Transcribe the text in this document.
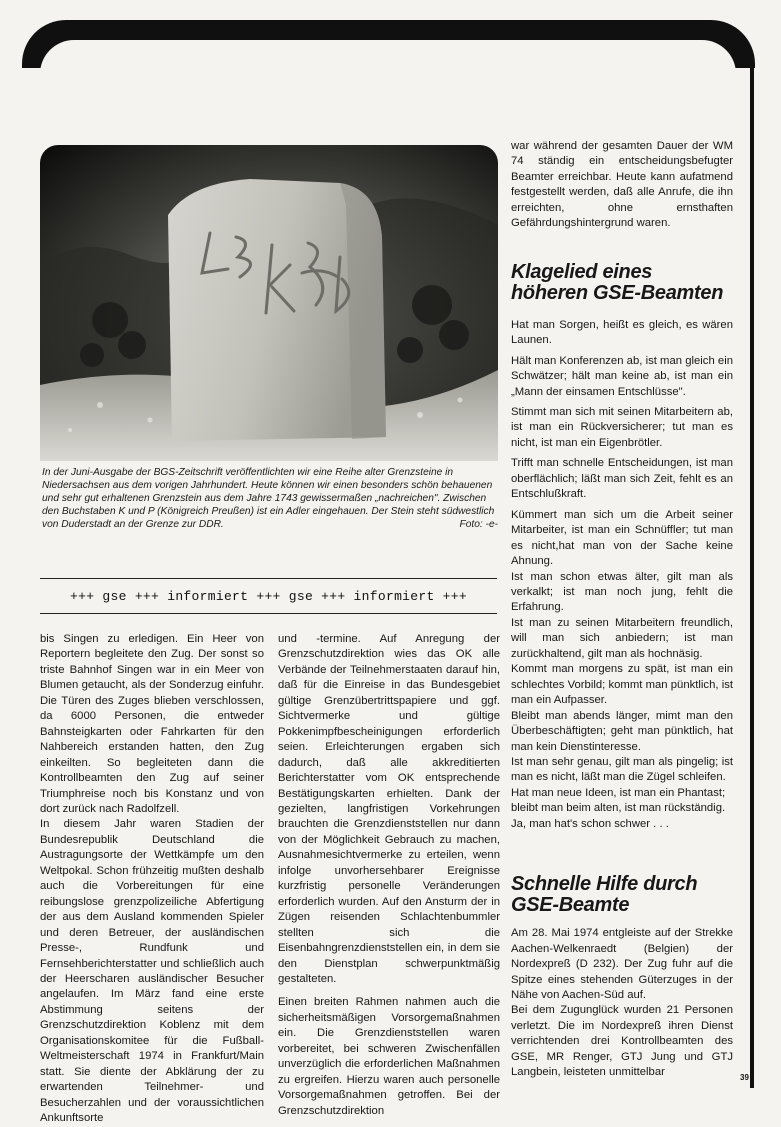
In der Juni-Ausgabe der BGS-Zeitschrift veröffentlichten wir eine Reihe alter Grenzsteine in Niedersachsen aus dem vorigen Jahrhundert. Heute können wir einen besonders schön behauenen und sehr gut erhaltenen Grenzstein aus dem Jahre 1743 gewissermaßen „nachreichen". Zwischen den Buchstaben K und P (Königreich Preußen) ist ein Adler eingehauen. Der Stein steht südwestlich von Duderstadt an der Grenze zur DDR.	Foto: -e-
+++ gse +++ informiert +++ gse +++ informiert +++

bis Singen zu erledigen. Ein Heer von Reportern begleitete den Zug. Der sonst so triste Bahnhof Singen war in ein Meer von Blumen getaucht, als der Sonderzug einfuhr. Die Türen des Zuges blieben verschlossen, da 6000 Personen, die entweder Bahnsteigkarten oder Fahrkarten für den Nahbereich erstanden hatten, den Zug einkeilten. So begleiteten dann die Kontrollbeamten den Zug auf seiner Triumphreise noch bis Konstanz und von dort zurück nach Radolfzell.

In diesem Jahr waren Stadien der Bundesrepublik Deutschland die Austragungsorte der Wettkämpfe um den Weltpokal. Schon frühzeitig mußten deshalb auch die Vorbereitungen für eine reibungslose grenzpolizeiliche Abfertigung der aus dem Ausland kommenden Spieler und deren Betreuer, der ausländischen Presse-, Rundfunk und Fernsehberichterstatter und schließlich auch der Heerscharen ausländischer Besucher angelaufen. Im März fand eine erste Abstimmung seitens der Grenzschutzdirektion Koblenz mit dem Organisationskomitee für die Fußball-Weltmeisterschaft 1974 in Frankfurt/Main statt. Sie diente der Abklärung der zu erwartenden Teilnehmer- und Besucherzahlen und der voraussichtlichen Ankunftsorte

und -termine. Auf Anregung der Grenzschutzdirektion wies das OK alle Verbände der Teilnehmerstaaten darauf hin, daß für die Einreise in das Bundesgebiet gültige Grenzübertrittspapiere und ggf. Sichtvermerke und gültige Pokkenimpfbescheinigungen erforderlich seien. Erleichterungen ergaben sich dadurch, daß alle akkreditierten Berichterstatter vom OK entsprechende Bestätigungskarten erhielten. Dank der gezielten, langfristigen Vorkehrungen brauchten die Grenzdienststellen nur dann von der Möglichkeit Gebrauch zu machen, Ausnahmesichtvermerke zu erteilen, wenn infolge unvorhersehbarer Ereignisse kurzfristig personelle Veränderungen erforderlich wurden. Auf den Ansturm der in Zügen reisenden Schlachtenbummler stellten sich die Eisenbahngrenzdienststellen ein, in dem sie den Dienstplan schwerpunktmäßig gestalteten.

Einen breiten Rahmen nahmen auch die sicherheitsmäßigen Vorsorgemaßnahmen ein. Die Grenzdienststellen waren vorbereitet, bei schweren Zwischenfällen unverzüglich die erforderlichen Maßnahmen zu ergreifen. Hierzu waren auch personelle Vorsorgemaßnahmen getroffen. Bei der Grenzschutzdirektion

war während der gesamten Dauer der WM 74 ständig ein entscheidungsbefugter Beamter erreichbar. Heute kann aufatmend festgestellt werden, daß alle Anrufe, die ihn erreichten, ohne ernsthaften Gefährdungshintergrund waren.

Klagelied eines höheren GSE-Beamten

Hat man Sorgen, heißt es gleich, es wären Launen.

Hält man Konferenzen ab, ist man gleich ein Schwätzer; hält man keine ab, ist man ein „Mann der einsamen Entschlüsse".

Stimmt man sich mit seinen Mitarbeitern ab, ist man ein Rückversicherer; tut man es nicht, ist man ein Eigenbrötler.

Trifft man schnelle Entscheidungen, ist man oberflächlich; läßt man sich Zeit, fehlt es an Entschlußkraft.

Kümmert man sich um die Arbeit seiner Mitarbeiter, ist man ein Schnüffler; tut man es nicht,hat man von der Sache keine Ahnung.

Ist man schon etwas älter, gilt man als verkalkt; ist man noch jung, fehlt die Erfahrung.

Ist man zu seinen Mitarbeitern freundlich, will man sich anbiedern; ist man zurückhaltend, gilt man als hochnäsig.

Kommt man morgens zu spät, ist man ein schlechtes Vorbild; kommt man pünktlich, ist man ein Aufpasser.

Bleibt man abends länger, mimt man den Überbeschäftigten; geht man pünktlich, hat man kein Dienstinteresse.

Ist man sehr genau, gilt man als pingelig; ist man es nicht, läßt man die Zügel schleifen.

Hat man neue Ideen, ist man ein Phantast;

bleibt man beim alten, ist man rückständig.

Ja, man hat's schon schwer . . .

Schnelle Hilfe durch GSE-Beamte

Am 28. Mai 1974 entgleiste auf der Strekke Aachen-Welkenraedt (Belgien) der Nordexpreß (D 232). Der Zug fuhr auf die Spitze eines stehenden Güterzuges in der Nähe von Aachen-Süd auf.

Bei dem Zugunglück wurden 21 Personen verletzt. Die im Nordexpreß ihren Dienst verrichtenden drei Kontrollbeamten des GSE, MR Renger, GTJ Jung und GTJ Langbein, leisteten unmittelbar	39
